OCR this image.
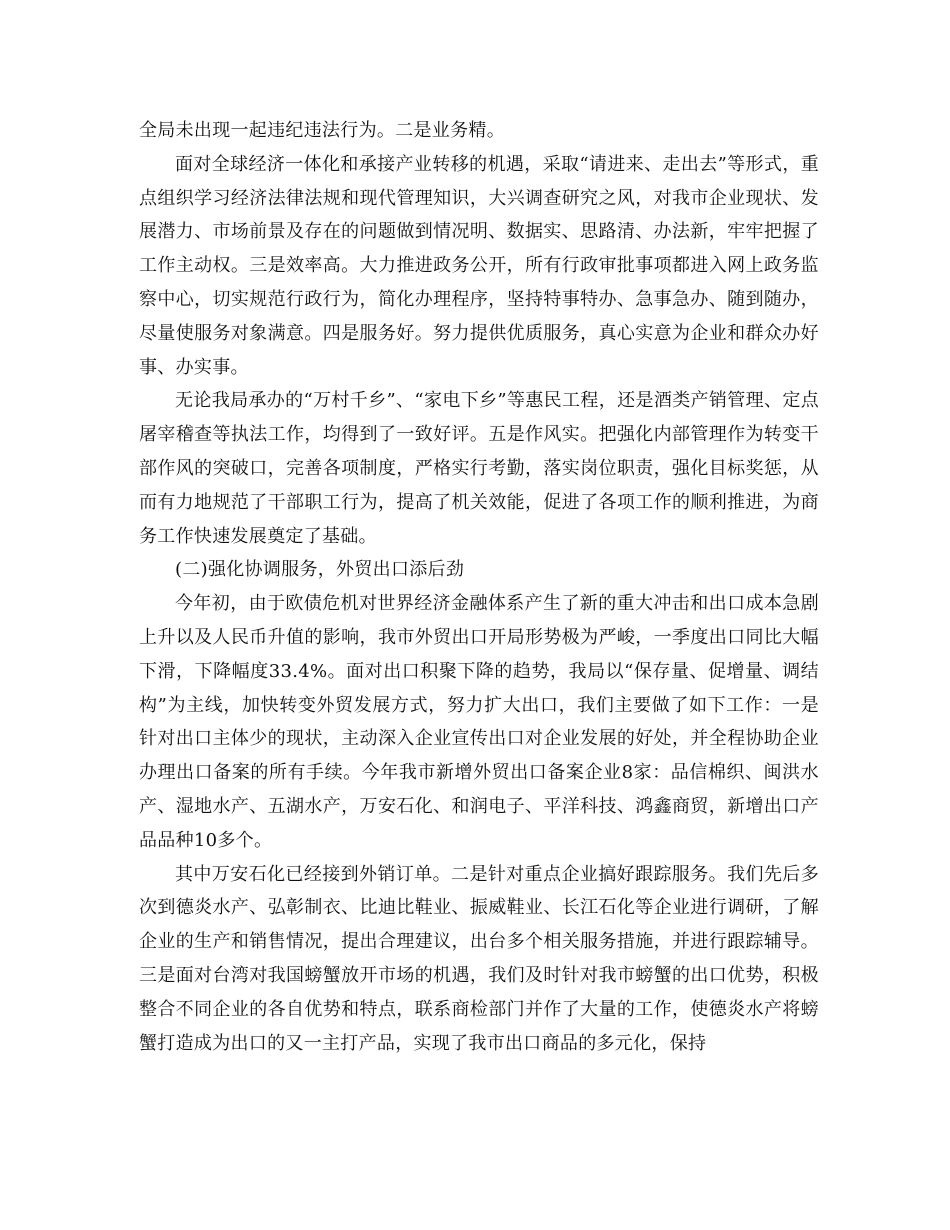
全局未出现一起违纪违法行为。二是业务精。

面对全球经济一体化和承接产业转移的机遇，采取“请进来、走出去”等形式，重点组织学习经济法律法规和现代管理知识，大兴调查研究之风，对我市企业现状、发展潜力、市场前景及存在的问题做到情况明、数据实、思路清、办法新，牢牢把握了工作主动权。三是效率高。大力推进政务公开，所有行政审批事项都进入网上政务监察中心，切实规范行政行为，简化办理程序，坚持特事特办、急事急办、随到随办，尽量使服务对象满意。四是服务好。努力提供优质服务，真心实意为企业和群众办好事、办实事。

无论我局承办的“万村千乡”、“家电下乡”等惠民工程，还是酒类产销管理、定点屠宰稽查等执法工作，均得到了一致好评。五是作风实。把强化内部管理作为转变干部作风的突破口，完善各项制度，严格实行考勤，落实岗位职责，强化目标奖惩，从而有力地规范了干部职工行为，提高了机关效能，促进了各项工作的顺利推进，为商务工作快速发展奠定了基础。

(二)强化协调服务，外贸出口添后劲

今年初，由于欧债危机对世界经济金融体系产生了新的重大冲击和出口成本急剧上升以及人民币升值的影响，我市外贸出口开局形势极为严峻，一季度出口同比大幅下滑，下降幅度33.4%。面对出口积聚下降的趋势，我局以“保存量、促增量、调结构”为主线，加快转变外贸发展方式，努力扩大出口，我们主要做了如下工作：一是针对出口主体少的现状，主动深入企业宣传出口对企业发展的好处，并全程协助企业办理出口备案的所有手续。今年我市新增外贸出口备案企业8家：品信棉织、闽洪水产、湿地水产、五湖水产，万安石化、和润电子、平洋科技、鸿鑫商贸，新增出口产品品种10多个。

其中万安石化已经接到外销订单。二是针对重点企业搞好跟踪服务。我们先后多次到德炎水产、弘彰制衣、比迪比鞋业、振威鞋业、长江石化等企业进行调研，了解企业的生产和销售情况，提出合理建议，出台多个相关服务措施，并进行跟踪辅导。三是面对台湾对我国螃蟹放开市场的机遇，我们及时针对我市螃蟹的出口优势，积极整合不同企业的各自优势和特点，联系商检部门并作了大量的工作，使德炎水产将螃蟹打造成为出口的又一主打产品，实现了我市出口商品的多元化，保持
